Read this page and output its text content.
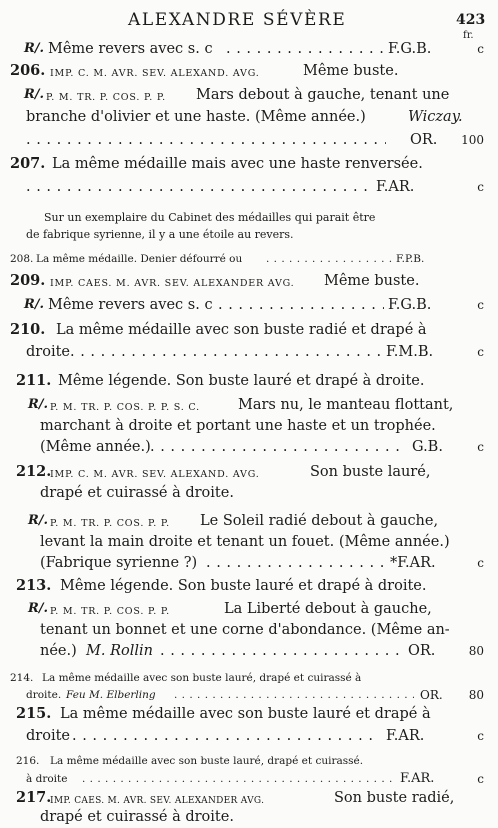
ALEXANDRE SÉVÈRE	423
fr.
R/. Même revers avec s. c . . .	F.G.B.	c
206. IMP. C. M. AVR. SEV. ALEXAND. AVG.	Même buste.
R/. P. M. TR. P. COS. P. P. Mars debout à gauche, tenant une
branche d'olivier et une haste. (Même année.)	Wiczay.
. . .
OR. 100
207. La même médaille mais avec une haste renversée.
. . .
F.AR.	c
Sur un exemplaire du Cabinet des médailles qui parait être
de fabrique syrienne, il y a une étoile au revers.
208. La même médaille. Denier défourré ou . . .	F.P.B.
209. IMP. CAES. M. AVR. SEV. ALEXANDER AVG. Même buste.
R/. Même revers avec s. c . . .	F.G.B.	c
210. La même médaille avec son buste radié et drapé à
droite . . .	F.M.B.	c
211. Même légende. Son buste lauré et drapé à droite.
R/. P. M. TR. P. COS. P. P. S. C.	Mars nu, le manteau flottant,
marchant à droite et portant une haste et un trophée.
(Même année.) . . .	G.B.	c
212.
IMP. C. M. AVR. SEV. ALEXAND. AVG.	Son buste lauré,
drapé et cuirassé à droite.
R/. P. M. TR. P. COS. P. P. Le Soleil radié debout à gauche,
levant la main droite et tenant un fouet. (Même année.)
(Fabrique syrienne ?) . . .	*F.AR.	c
213. Même légende. Son buste lauré et drapé à droite.
R/. P. M. TR. P. COS. P. P.	La Liberté debout à gauche,
tenant un bonnet et une corne d'abondance. (Même an-
née.) M. Rollin . . .	OR.	80
214. La même médaille avec son buste lauré, drapé et cuirassé à
droite. Feu M. Elberling . . .	OR. 80
215. La même médaille avec son buste lauré et drapé à
droite . . .	F.AR.	c
216. La même médaille avec son buste lauré, drapé et cuirassé.
à droite . . .	F.AR.	c
217.
IMP. CAES. M. AVR. SEV. ALEXANDER AVG.	Son buste radié,
drapé et cuirassé à droite.
